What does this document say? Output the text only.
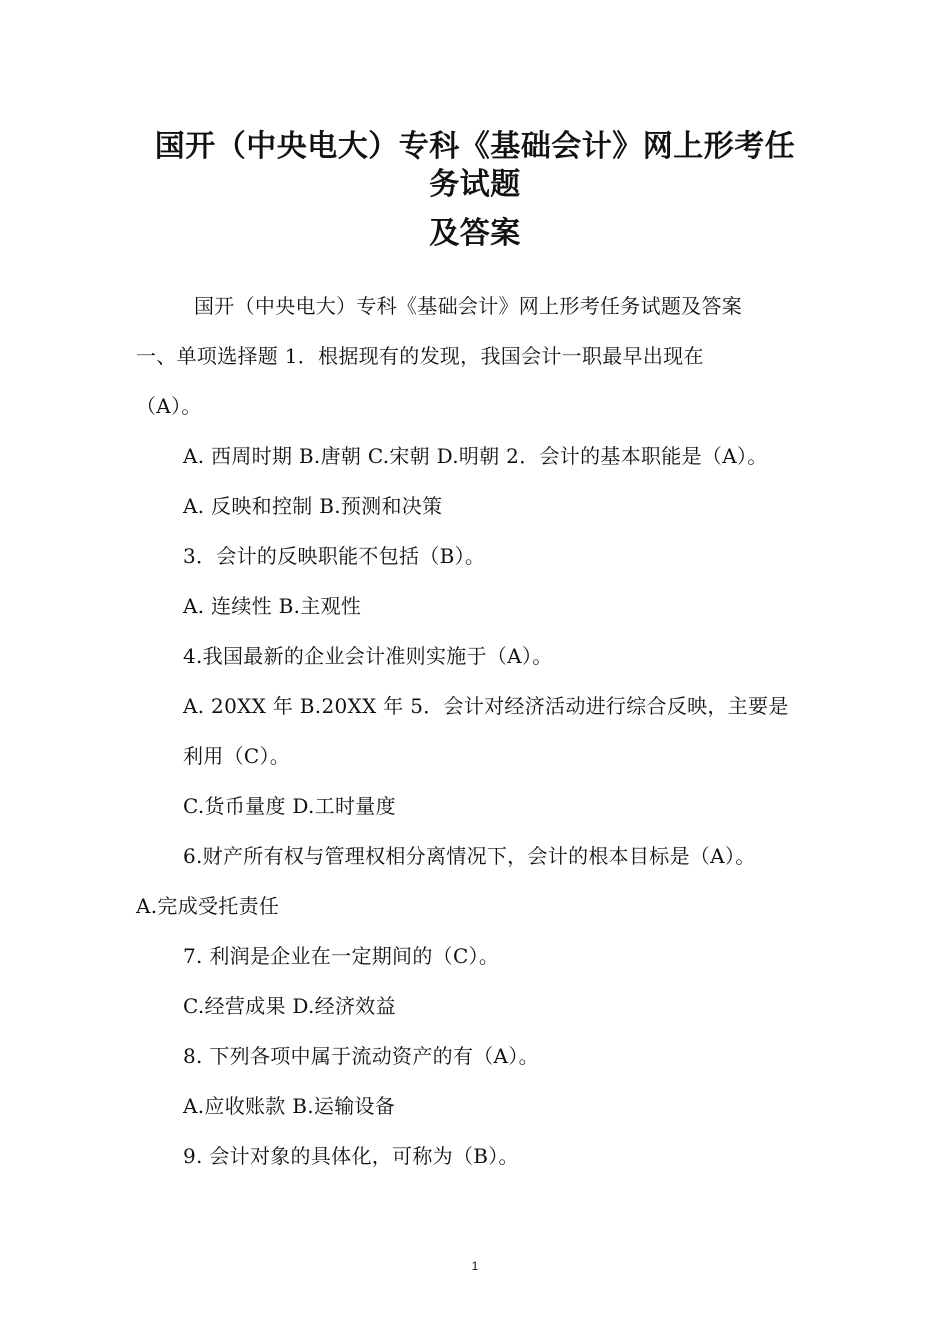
国开（中央电大）专科《基础会计》网上形考任
务试题
及答案
国开（中央电大）专科《基础会计》网上形考任务试题及答案
一、单项选择题 1．根据现有的发现，我国会计一职最早出现在
（A）。
A. 西周时期 B.唐朝 C.宋朝 D.明朝 2．会计的基本职能是（A）。
A. 反映和控制 B.预测和决策
3．会计的反映职能不包括（B）。
A. 连续性 B.主观性
4.我国最新的企业会计准则实施于（A）。
A. 20XX 年 B.20XX 年 5．会计对经济活动进行综合反映，主要是
利用（C）。
C.货币量度 D.工时量度
6.财产所有权与管理权相分离情况下，会计的根本目标是（A）。
A.完成受托责任
7. 利润是企业在一定期间的（C）。
C.经营成果 D.经济效益
8. 下列各项中属于流动资产的有（A）。
A.应收账款 B.运输设备
9. 会计对象的具体化，可称为（B）。
1
